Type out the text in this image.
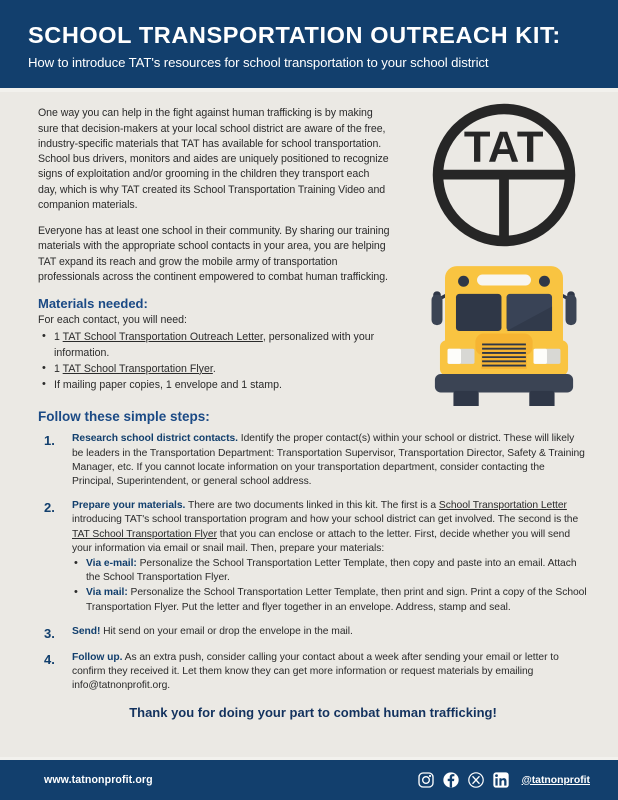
SCHOOL TRANSPORTATION OUTREACH KIT:
How to introduce TAT's resources for school transportation to your school district
TAT

One way you can help in the fight against human trafficking is by making sure that decision-makers at your local school district are aware of the free, industry-specific materials that TAT has available for school transportation. School bus drivers, monitors and aides are uniquely positioned to recognize signs of exploitation and/or grooming in the children they transport each day, which is why TAT created its School Transportation Training Video and companion materials.

Everyone has at least one school in their community. By sharing our training materials with the appropriate school contacts in your area, you are helping TAT expand its reach and grow the mobile army of transportation professionals across the continent empowered to combat human trafficking.

Materials needed:
For each contact, you will need:
• 1 TAT School Transportation Outreach Letter, personalized with your information.
• 1 TAT School Transportation Flyer.
• If mailing paper copies, 1 envelope and 1 stamp.
Follow these simple steps:
1.	Research school district contacts. Identify the proper contact(s) within your school or district. These will likely be leaders in the Transportation Department: Transportation Supervisor, Transportation Director, Safety & Training Manager, etc. If you cannot locate information on your transportation department, consider contacting the Principal, Superintendent, or general school address.
2.	Prepare your materials. There are two documents linked in this kit. The first is a School Transportation Letter introducing TAT's school transportation program and how your school district can get involved. The second is the TAT School Transportation Flyer that you can enclose or attach to the letter. First, decide whether you will send your information via email or snail mail. Then, prepare your materials:
• Via e-mail: Personalize the School Transportation Letter Template, then copy and paste into an email. Attach the School Transportation Flyer.
• Via mail: Personalize the School Transportation Letter Template, then print and sign. Print a copy of the School Transportation Flyer. Put the letter and flyer together in an envelope. Address, stamp and seal.
3.	Send! Hit send on your email or drop the envelope in the mail.
4.	Follow up. As an extra push, consider calling your contact about a week after sending your email or letter to confirm they received it. Let them know they can get more information or request materials by emailing info@tatnonprofit.org.
Thank you for doing your part to combat human trafficking!
www.tatnonprofit.org	@tatnonprofit
